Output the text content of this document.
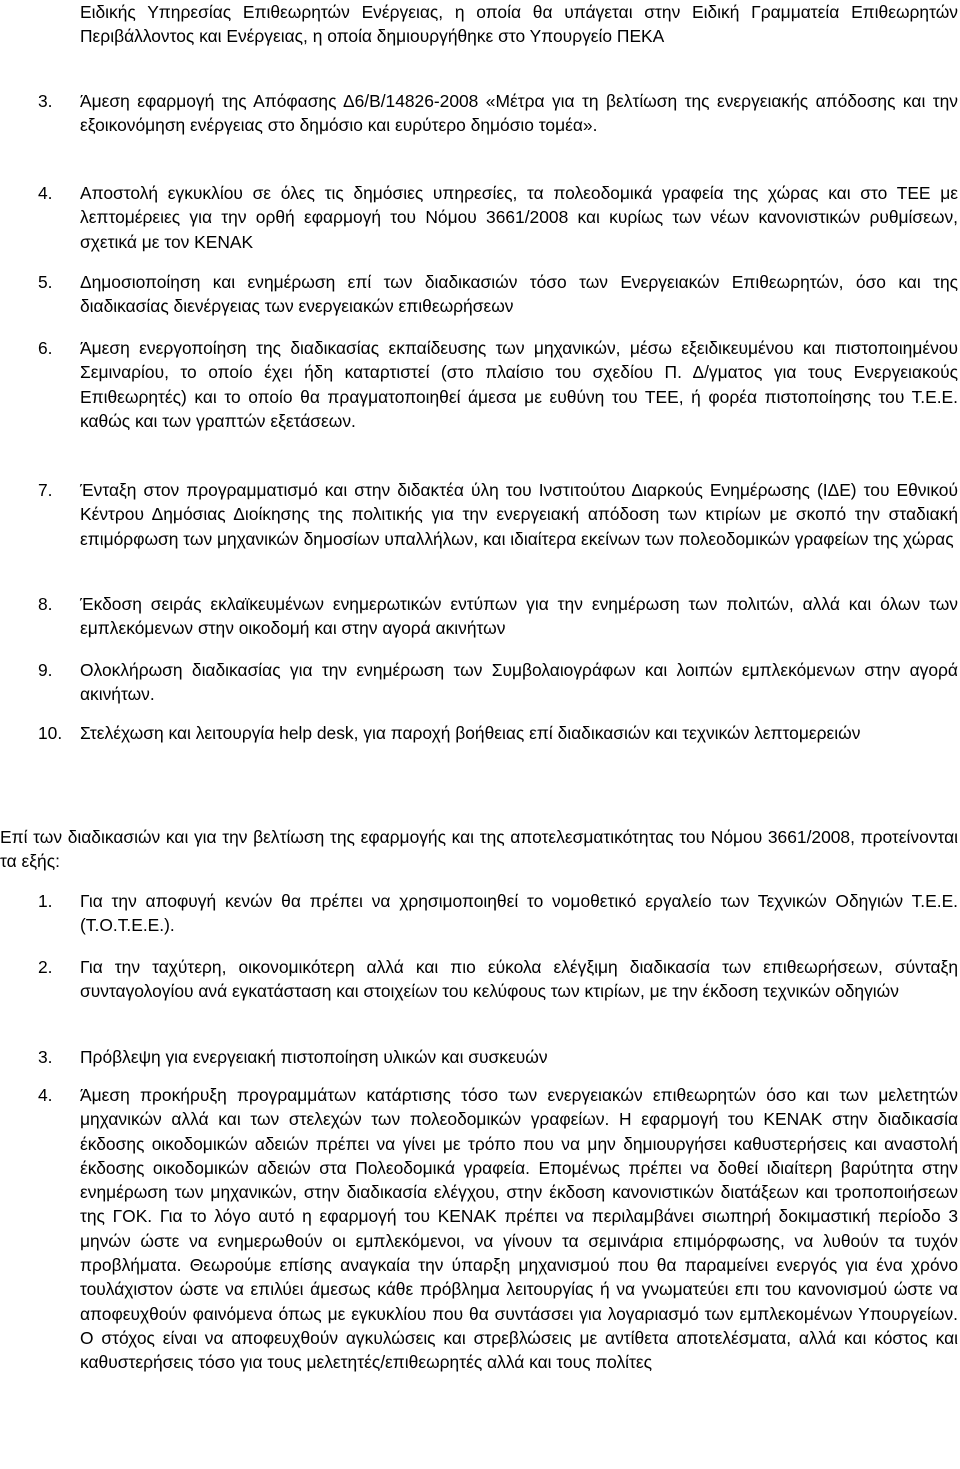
Ειδικής Υπηρεσίας Επιθεωρητών Ενέργειας, η οποία θα υπάγεται στην Ειδική Γραμματεία Επιθεωρητών Περιβάλλοντος και Ενέργειας, η οποία δημιουργήθηκε στο Υπουργείο ΠΕΚΑ
3. Άμεση εφαρμογή της Απόφασης Δ6/Β/14826-2008 «Μέτρα για τη βελτίωση της ενεργειακής απόδοσης και την εξοικονόμηση ενέργειας στο δημόσιο και ευρύτερο δημόσιο τομέα».
4. Αποστολή εγκυκλίου σε όλες τις δημόσιες υπηρεσίες, τα πολεοδομικά γραφεία της χώρας και στο ΤΕΕ με λεπτομέρειες για την ορθή εφαρμογή του Νόμου 3661/2008 και κυρίως των νέων κανονιστικών ρυθμίσεων, σχετικά με τον ΚΕΝΑΚ
5. Δημοσιοποίηση και ενημέρωση επί των διαδικασιών τόσο των Ενεργειακών Επιθεωρητών, όσο και της διαδικασίας διενέργειας των ενεργειακών επιθεωρήσεων
6. Άμεση ενεργοποίηση της διαδικασίας εκπαίδευσης των μηχανικών, μέσω εξειδικευμένου και πιστοποιημένου Σεμιναρίου, το οποίο έχει ήδη καταρτιστεί (στο πλαίσιο του σχεδίου Π. Δ/γματος για τους Ενεργειακούς Επιθεωρητές) και το οποίο θα πραγματοποιηθεί άμεσα με ευθύνη του ΤΕΕ, ή φορέα πιστοποίησης του Τ.Ε.Ε. καθώς και των γραπτών εξετάσεων.
7. Ένταξη στον προγραμματισμό και στην διδακτέα ύλη του Ινστιτούτου Διαρκούς Ενημέρωσης (ΙΔΕ) του Εθνικού Κέντρου Δημόσιας Διοίκησης της πολιτικής για την ενεργειακή απόδοση των κτιρίων με σκοπό την σταδιακή επιμόρφωση των μηχανικών δημοσίων υπαλλήλων, και ιδιαίτερα εκείνων των πολεοδομικών γραφείων της χώρας
8. Έκδοση σειράς εκλαϊκευμένων ενημερωτικών εντύπων για την ενημέρωση των πολιτών, αλλά και όλων των εμπλεκόμενων στην οικοδομή και στην αγορά ακινήτων
9. Ολοκλήρωση διαδικασίας για την ενημέρωση των Συμβολαιογράφων και λοιπών εμπλεκόμενων στην αγορά ακινήτων.
10. Στελέχωση και λειτουργία help desk, για παροχή βοήθειας επί διαδικασιών και τεχνικών λεπτομερειών
Επί των διαδικασιών και για την βελτίωση της εφαρμογής και της αποτελεσματικότητας του Νόμου 3661/2008, προτείνονται τα εξής:
1. Για την αποφυγή κενών θα πρέπει να χρησιμοποιηθεί το νομοθετικό εργαλείο των Τεχνικών Οδηγιών Τ.Ε.Ε. (Τ.Ο.Τ.Ε.Ε.).
2. Για την ταχύτερη, οικονομικότερη αλλά και πιο εύκολα ελέγξιμη διαδικασία των επιθεωρήσεων, σύνταξη συνταγολογίου ανά εγκατάσταση και στοιχείων του κελύφους των κτιρίων, με την έκδοση τεχνικών οδηγιών
3. Πρόβλεψη για ενεργειακή πιστοποίηση υλικών και συσκευών
4. Άμεση προκήρυξη προγραμμάτων κατάρτισης τόσο των ενεργειακών επιθεωρητών όσο και των μελετητών μηχανικών αλλά και των στελεχών των πολεοδομικών γραφείων. Η εφαρμογή του ΚΕΝΑΚ στην διαδικασία έκδοσης οικοδομικών αδειών πρέπει να γίνει με τρόπο που να μην δημιουργήσει καθυστερήσεις και αναστολή έκδοσης οικοδομικών αδειών στα Πολεοδομικά γραφεία. Επομένως πρέπει να δοθεί ιδιαίτερη βαρύτητα στην ενημέρωση των μηχανικών, στην διαδικασία ελέγχου, στην έκδοση κανονιστικών διατάξεων και τροποποιήσεων της ΓΟΚ. Για το λόγο αυτό η εφαρμογή του ΚΕΝΑΚ πρέπει να περιλαμβάνει σιωπηρή δοκιμαστική περίοδο 3 μηνών ώστε να ενημερωθούν οι εμπλεκόμενοι, να γίνουν τα σεμινάρια επιμόρφωσης, να λυθούν τα τυχόν προβλήματα. Θεωρούμε επίσης αναγκαία την ύπαρξη μηχανισμού που θα παραμείνει ενεργός για ένα χρόνο τουλάχιστον ώστε να επιλύει άμεσως κάθε πρόβλημα λειτουργίας ή να γνωματεύει επι του κανονισμού ώστε να αποφευχθούν φαινόμενα όπως με εγκυκλίου που θα συντάσσει για λογαριασμό των εμπλεκομένων Υπουργείων. Ο στόχος είναι να αποφευχθούν αγκυλώσεις και στρεβλώσεις με αντίθετα αποτελέσματα, αλλά και κόστος και καθυστερήσεις τόσο για τους μελετητές/επιθεωρητές αλλά και τους πολίτες
